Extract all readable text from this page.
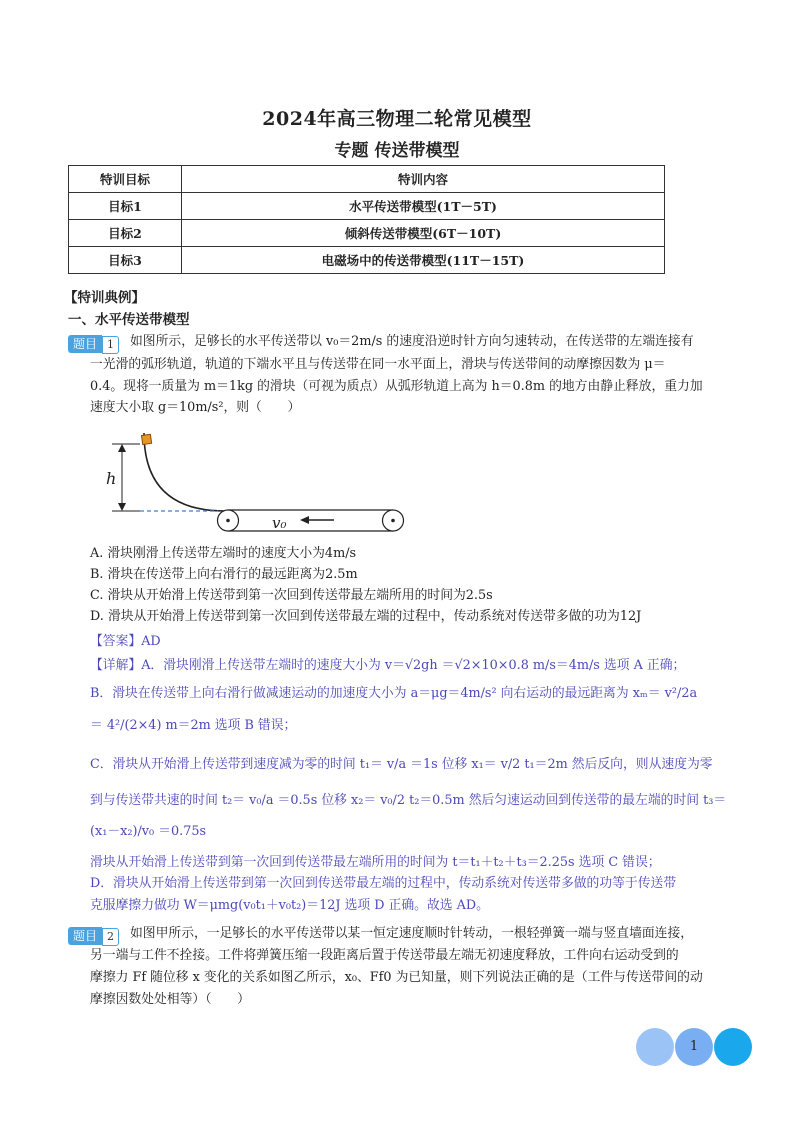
2024年高三物理二轮常见模型
专题 传送带模型
特训目标	特训内容
目标1	水平传送带模型(1T－5T)
目标2	倾斜传送带模型(6T－10T)
目标3	电磁场中的传送带模型(11T－15T)
【特训典例】
一、水平传送带模型
题目 1	如图所示，足够长的水平传送带以 v₀＝2m/s 的速度沿逆时针方向匀速转动，在传送带的左端连接有
一光滑的弧形轨道，轨道的下端水平且与传送带在同一水平面上，滑块与传送带间的动摩擦因数为 μ＝
0.4。现将一质量为 m＝1kg 的滑块（可视为质点）从弧形轨道上高为 h＝0.8m 的地方由静止释放，重力加
速度大小取 g＝10m/s²，则（　　）
h
v₀
A. 滑块刚滑上传送带左端时的速度大小为4m/s
B. 滑块在传送带上向右滑行的最远距离为2.5m
C. 滑块从开始滑上传送带到第一次回到传送带最左端所用的时间为2.5s
D. 滑块从开始滑上传送带到第一次回到传送带最左端的过程中，传动系统对传送带多做的功为12J
【答案】AD
【详解】A．滑块刚滑上传送带左端时的速度大小为 v＝√2gh ＝√2×10×0.8 m/s＝4m/s 选项 A 正确；
B．滑块在传送带上向右滑行做减速运动的加速度大小为 a＝μg＝4m/s² 向右运动的最远距离为 xₘ＝ v²/2a
＝ 4²/(2×4) m＝2m 选项 B 错误；
C．滑块从开始滑上传送带到速度减为零的时间 t₁＝ v/a ＝1s 位移 x₁＝ v/2 t₁＝2m 然后反向，则从速度为零
到与传送带共速的时间 t₂＝ v₀/a ＝0.5s 位移 x₂＝ v₀/2 t₂＝0.5m 然后匀速运动回到传送带的最左端的时间 t₃＝
(x₁－x₂)/v₀ ＝0.75s
滑块从开始滑上传送带到第一次回到传送带最左端所用的时间为 t＝t₁＋t₂＋t₃＝2.25s 选项 C 错误；
D．滑块从开始滑上传送带到第一次回到传送带最左端的过程中，传动系统对传送带多做的功等于传送带
克服摩擦力做功 W＝μmg(v₀t₁＋v₀t₂)＝12J 选项 D 正确。故选 AD。
题目 2	如图甲所示，一足够长的水平传送带以某一恒定速度顺时针转动，一根轻弹簧一端与竖直墙面连接，
另一端与工件不拴接。工件将弹簧压缩一段距离后置于传送带最左端无初速度释放，工件向右运动受到的
摩擦力 Ff 随位移 x 变化的关系如图乙所示，x₀、Ff0 为已知量，则下列说法正确的是（工件与传送带间的动
摩擦因数处处相等）（　　）
1
